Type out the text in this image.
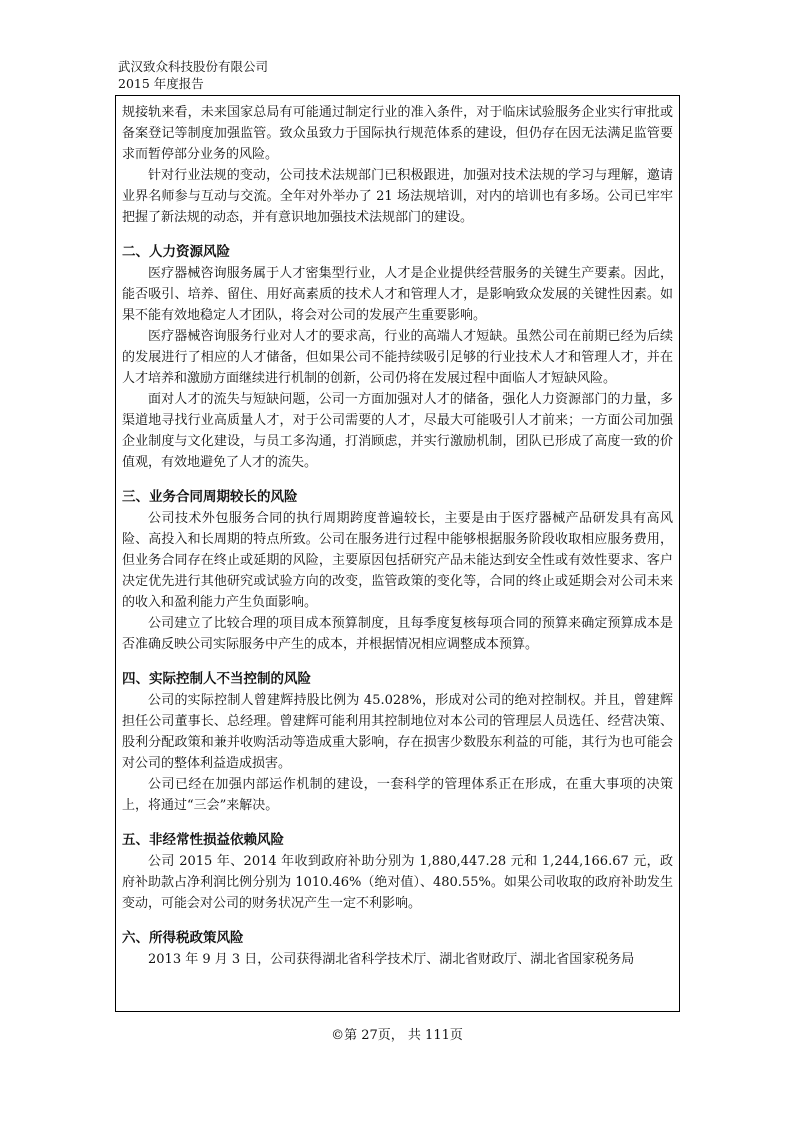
武汉致众科技股份有限公司
2015 年度报告

规接轨来看，未来国家总局有可能通过制定行业的准入条件，对于临床试验服务企业实行审批或备案登记等制度加强监管。致众虽致力于国际执行规范体系的建设，但仍存在因无法满足监管要求而暂停部分业务的风险。

针对行业法规的变动，公司技术法规部门已积极跟进，加强对技术法规的学习与理解，邀请业界名师参与互动与交流。全年对外举办了 21 场法规培训，对内的培训也有多场。公司已牢牢把握了新法规的动态，并有意识地加强技术法规部门的建设。

二、人力资源风险

医疗器械咨询服务属于人才密集型行业，人才是企业提供经营服务的关键生产要素。因此，能否吸引、培养、留住、用好高素质的技术人才和管理人才，是影响致众发展的关键性因素。如果不能有效地稳定人才团队，将会对公司的发展产生重要影响。

医疗器械咨询服务行业对人才的要求高，行业的高端人才短缺。虽然公司在前期已经为后续的发展进行了相应的人才储备，但如果公司不能持续吸引足够的行业技术人才和管理人才，并在人才培养和激励方面继续进行机制的创新，公司仍将在发展过程中面临人才短缺风险。

面对人才的流失与短缺问题，公司一方面加强对人才的储备，强化人力资源部门的力量，多渠道地寻找行业高质量人才，对于公司需要的人才，尽最大可能吸引人才前来；一方面公司加强企业制度与文化建设，与员工多沟通，打消顾虑，并实行激励机制，团队已形成了高度一致的价值观，有效地避免了人才的流失。

三、业务合同周期较长的风险

公司技术外包服务合同的执行周期跨度普遍较长，主要是由于医疗器械产品研发具有高风险、高投入和长周期的特点所致。公司在服务进行过程中能够根据服务阶段收取相应服务费用，但业务合同存在终止或延期的风险，主要原因包括研究产品未能达到安全性或有效性要求、客户决定优先进行其他研究或试验方向的改变，监管政策的变化等，合同的终止或延期会对公司未来的收入和盈利能力产生负面影响。

公司建立了比较合理的项目成本预算制度，且每季度复核每项合同的预算来确定预算成本是否准确反映公司实际服务中产生的成本，并根据情况相应调整成本预算。

四、实际控制人不当控制的风险

公司的实际控制人曾建辉持股比例为 45.028%，形成对公司的绝对控制权。并且，曾建辉担任公司董事长、总经理。曾建辉可能利用其控制地位对本公司的管理层人员选任、经营决策、股利分配政策和兼并收购活动等造成重大影响，存在损害少数股东利益的可能，其行为也可能会对公司的整体利益造成损害。

公司已经在加强内部运作机制的建设，一套科学的管理体系正在形成，在重大事项的决策上，将通过“三会”来解决。

五、非经常性损益依赖风险

公司 2015 年、2014 年收到政府补助分别为 1,880,447.28 元和 1,244,166.67 元，政府补助款占净利润比例分别为 1010.46%（绝对值）、480.55%。如果公司收取的政府补助发生变动，可能会对公司的财务状况产生一定不利影响。

六、所得税政策风险

2013 年 9 月 3 日，公司获得湖北省科学技术厅、湖北省财政厅、湖北省国家税务局

©第 27页， 共 111页
